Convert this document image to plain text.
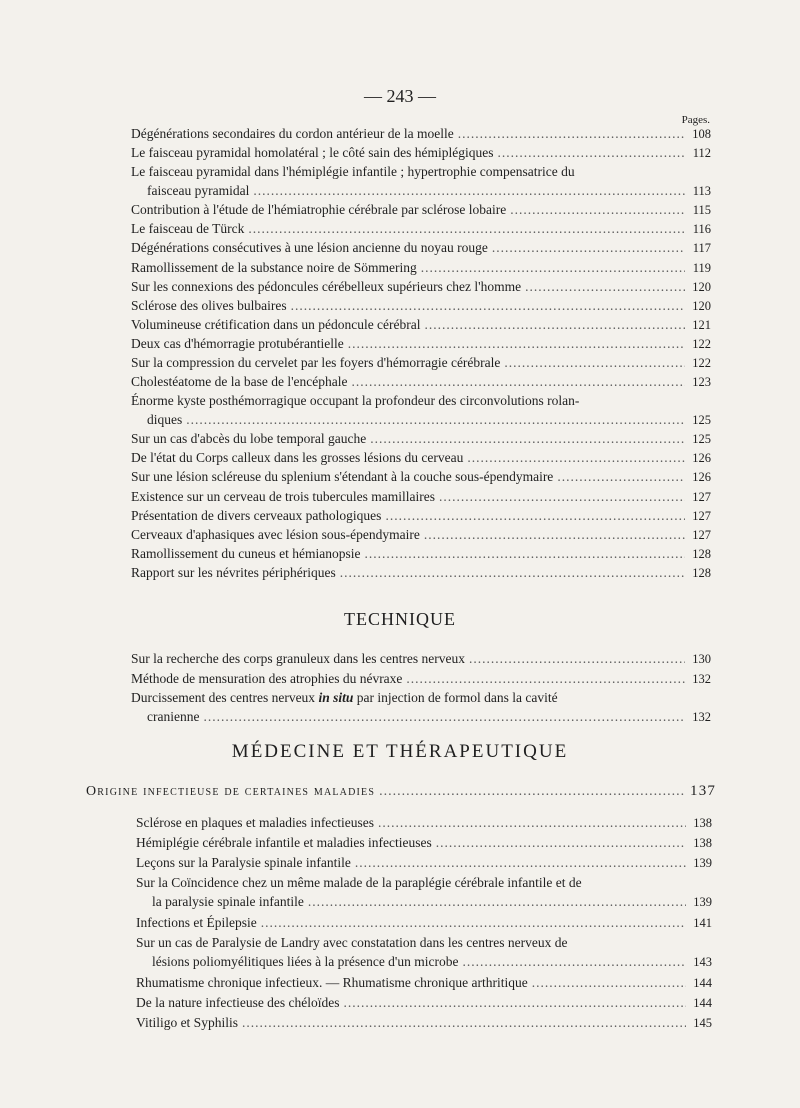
— 243 —
Pages.
Dégénérations secondaires du cordon antérieur de la moelle .....	108
Le faisceau pyramidal homolatéral ; le côté sain des hémiplégiques .....	112
Le faisceau pyramidal dans l'hémiplégie infantile ; hypertrophie compensatrice du
faisceau pyramidal .....	113
Contribution à l'étude de l'hémiatrophie cérébrale par sclérose lobaire .....	115
Le faisceau de Türck .....	116
Dégénérations consécutives à une lésion ancienne du noyau rouge .....	117
Ramollissement de la substance noire de Sömmering .....	119
Sur les connexions des pédoncules cérébelleux supérieurs chez l'homme .....	120
Sclérose des olives bulbaires .....	120
Volumineuse crétification dans un pédoncule cérébral .....	121
Deux cas d'hémorragie protubérantielle .....	122
Sur la compression du cervelet par les foyers d'hémorragie cérébrale .....	122
Cholestéatome de la base de l'encéphale .....	123
Énorme kyste posthémorragique occupant la profondeur des circonvolutions rolan-
diques .....	125
Sur un cas d'abcès du lobe temporal gauche .....	125
De l'état du Corps calleux dans les grosses lésions du cerveau .....	126
Sur une lésion scléreuse du splenium s'étendant à la couche sous-épendymaire .....	126
Existence sur un cerveau de trois tubercules mamillaires .....	127
Présentation de divers cerveaux pathologiques .....	127
Cerveaux d'aphasiques avec lésion sous-épendymaire .....	127
Ramollissement du cuneus et hémianopsie .....	128
Rapport sur les névrites périphériques .....	128
TECHNIQUE
Sur la recherche des corps granuleux dans les centres nerveux .....	130
Méthode de mensuration des atrophies du névraxe .....	132
Durcissement des centres nerveux in situ par injection de formol dans la cavité
cranienne .....	132
MÉDECINE ET THÉRAPEUTIQUE
Origine infectieuse de certaines maladies .....	137
Sclérose en plaques et maladies infectieuses .....	138
Hémiplégie cérébrale infantile et maladies infectieuses .....	138
Leçons sur la Paralysie spinale infantile .....	139
Sur la Coïncidence chez un même malade de la paraplégie cérébrale infantile et de
la paralysie spinale infantile .....	139
Infections et Épilepsie .....	141
Sur un cas de Paralysie de Landry avec constatation dans les centres nerveux de
lésions poliomyélitiques liées à la présence d'un microbe .....	143
Rhumatisme chronique infectieux. — Rhumatisme chronique arthritique .....	144
De la nature infectieuse des chéloïdes .....	144
Vitiligo et Syphilis .....	145
